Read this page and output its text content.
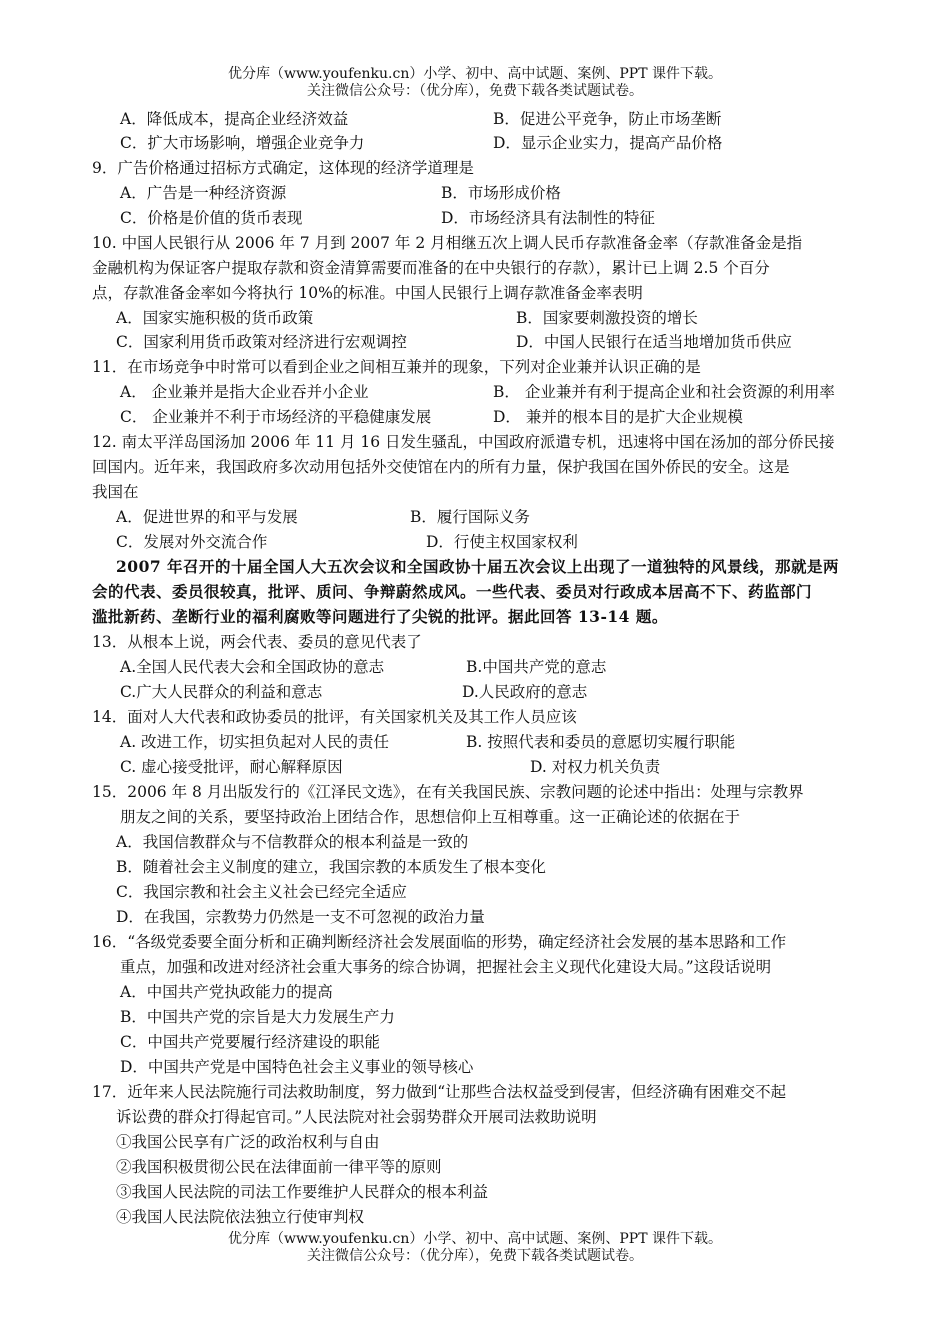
优分库（www.youfenku.cn）小学、初中、高中试题、案例、PPT 课件下载。
关注微信公众号：（优分库），免费下载各类试题试卷。
A．降低成本，提高企业经济效益	B．促进公平竞争，防止市场垄断
C．扩大市场影响，增强企业竞争力	D．显示企业实力，提高产品价格
9．广告价格通过招标方式确定，这体现的经济学道理是
A．广告是一种经济资源	B．市场形成价格
C．价格是价值的货币表现	D．市场经济具有法制性的特征
10. 中国人民银行从 2006 年 7 月到 2007 年 2 月相继五次上调人民币存款准备金率（存款准备金是指
金融机构为保证客户提取存款和资金清算需要而准备的在中央银行的存款），累计已上调 2.5 个百分
点，存款准备金率如今将执行 10%的标准。中国人民银行上调存款准备金率表明
A．国家实施积极的货币政策	B．国家要刺激投资的增长
C．国家利用货币政策对经济进行宏观调控	D．中国人民银行在适当地增加货币供应
11．在市场竞争中时常可以看到企业之间相互兼并的现象，下列对企业兼并认识正确的是
A． 企业兼并是指大企业吞并小企业	B． 企业兼并有利于提高企业和社会资源的利用率
C． 企业兼并不利于市场经济的平稳健康发展	D． 兼并的根本目的是扩大企业规模
12. 南太平洋岛国汤加 2006 年 11 月 16 日发生骚乱，中国政府派遣专机，迅速将中国在汤加的部分侨民接
回国内。近年来，我国政府多次动用包括外交使馆在内的所有力量，保护我国在国外侨民的安全。这是
我国在
A．促进世界的和平与发展	B．履行国际义务
C．发展对外交流合作	D．行使主权国家权利
2007 年召开的十届全国人大五次会议和全国政协十届五次会议上出现了一道独特的风景线，那就是两
会的代表、委员很较真，批评、质问、争辩蔚然成风。一些代表、委员对行政成本居高不下、药监部门
滥批新药、垄断行业的福利腐败等问题进行了尖锐的批评。据此回答 13-14 题。
13．从根本上说，两会代表、委员的意见代表了
A.全国人民代表大会和全国政协的意志	B.中国共产党的意志
C.广大人民群众的利益和意志	D.人民政府的意志
14．面对人大代表和政协委员的批评，有关国家机关及其工作人员应该
A. 改进工作，切实担负起对人民的责任	B. 按照代表和委员的意愿切实履行职能
C. 虚心接受批评，耐心解释原因	D. 对权力机关负责
15．2006 年 8 月出版发行的《江泽民文选》，在有关我国民族、宗教问题的论述中指出：处理与宗教界
朋友之间的关系，要坚持政治上团结合作，思想信仰上互相尊重。这一正确论述的依据在于
A．我国信教群众与不信教群众的根本利益是一致的
B．随着社会主义制度的建立，我国宗教的本质发生了根本变化
C．我国宗教和社会主义社会已经完全适应
D．在我国，宗教势力仍然是一支不可忽视的政治力量
16．“各级党委要全面分析和正确判断经济社会发展面临的形势，确定经济社会发展的基本思路和工作
重点，加强和改进对经济社会重大事务的综合协调，把握社会主义现代化建设大局。”这段话说明
A．中国共产党执政能力的提高
B．中国共产党的宗旨是大力发展生产力
C．中国共产党要履行经济建设的职能
D．中国共产党是中国特色社会主义事业的领导核心
17．近年来人民法院施行司法救助制度，努力做到“让那些合法权益受到侵害，但经济确有困难交不起
诉讼费的群众打得起官司。”人民法院对社会弱势群众开展司法救助说明
①我国公民享有广泛的政治权利与自由
②我国积极贯彻公民在法律面前一律平等的原则
③我国人民法院的司法工作要维护人民群众的根本利益
④我国人民法院依法独立行使审判权
优分库（www.youfenku.cn）小学、初中、高中试题、案例、PPT 课件下载。
关注微信公众号：（优分库），免费下载各类试题试卷。
